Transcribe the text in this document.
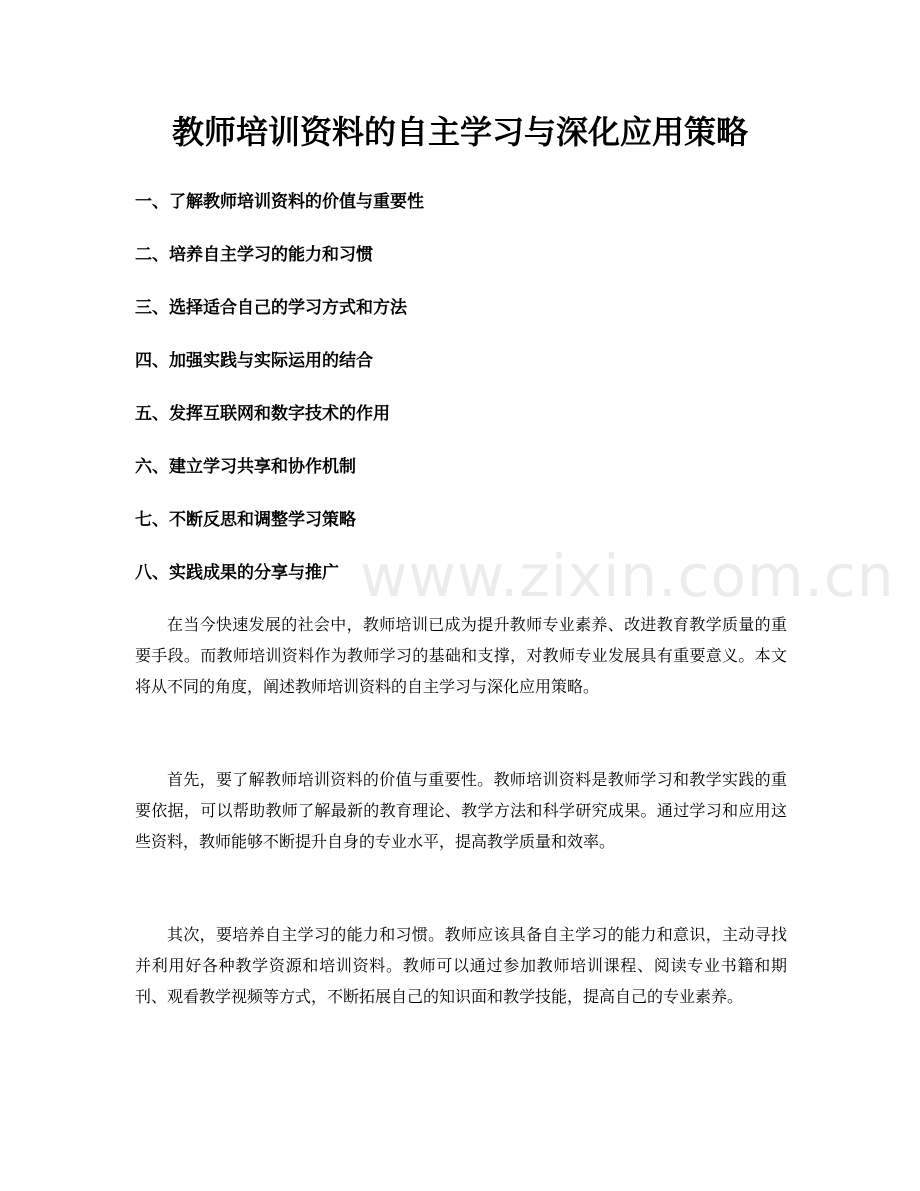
教师培训资料的自主学习与深化应用策略
一、了解教师培训资料的价值与重要性
二、培养自主学习的能力和习惯
三、选择适合自己的学习方式和方法
四、加强实践与实际运用的结合
五、发挥互联网和数字技术的作用
六、建立学习共享和协作机制
七、不断反思和调整学习策略
八、实践成果的分享与推广 www.zixin.com.cn

在当今快速发展的社会中，教师培训已成为提升教师专业素养、改进教育教学质量的重要手段。而教师培训资料作为教师学习的基础和支撑，对教师专业发展具有重要意义。本文将从不同的角度，阐述教师培训资料的自主学习与深化应用策略。

首先，要了解教师培训资料的价值与重要性。教师培训资料是教师学习和教学实践的重要依据，可以帮助教师了解最新的教育理论、教学方法和科学研究成果。通过学习和应用这些资料，教师能够不断提升自身的专业水平，提高教学质量和效率。

其次，要培养自主学习的能力和习惯。教师应该具备自主学习的能力和意识，主动寻找并利用好各种教学资源和培训资料。教师可以通过参加教师培训课程、阅读专业书籍和期刊、观看教学视频等方式，不断拓展自己的知识面和教学技能，提高自己的专业素养。
